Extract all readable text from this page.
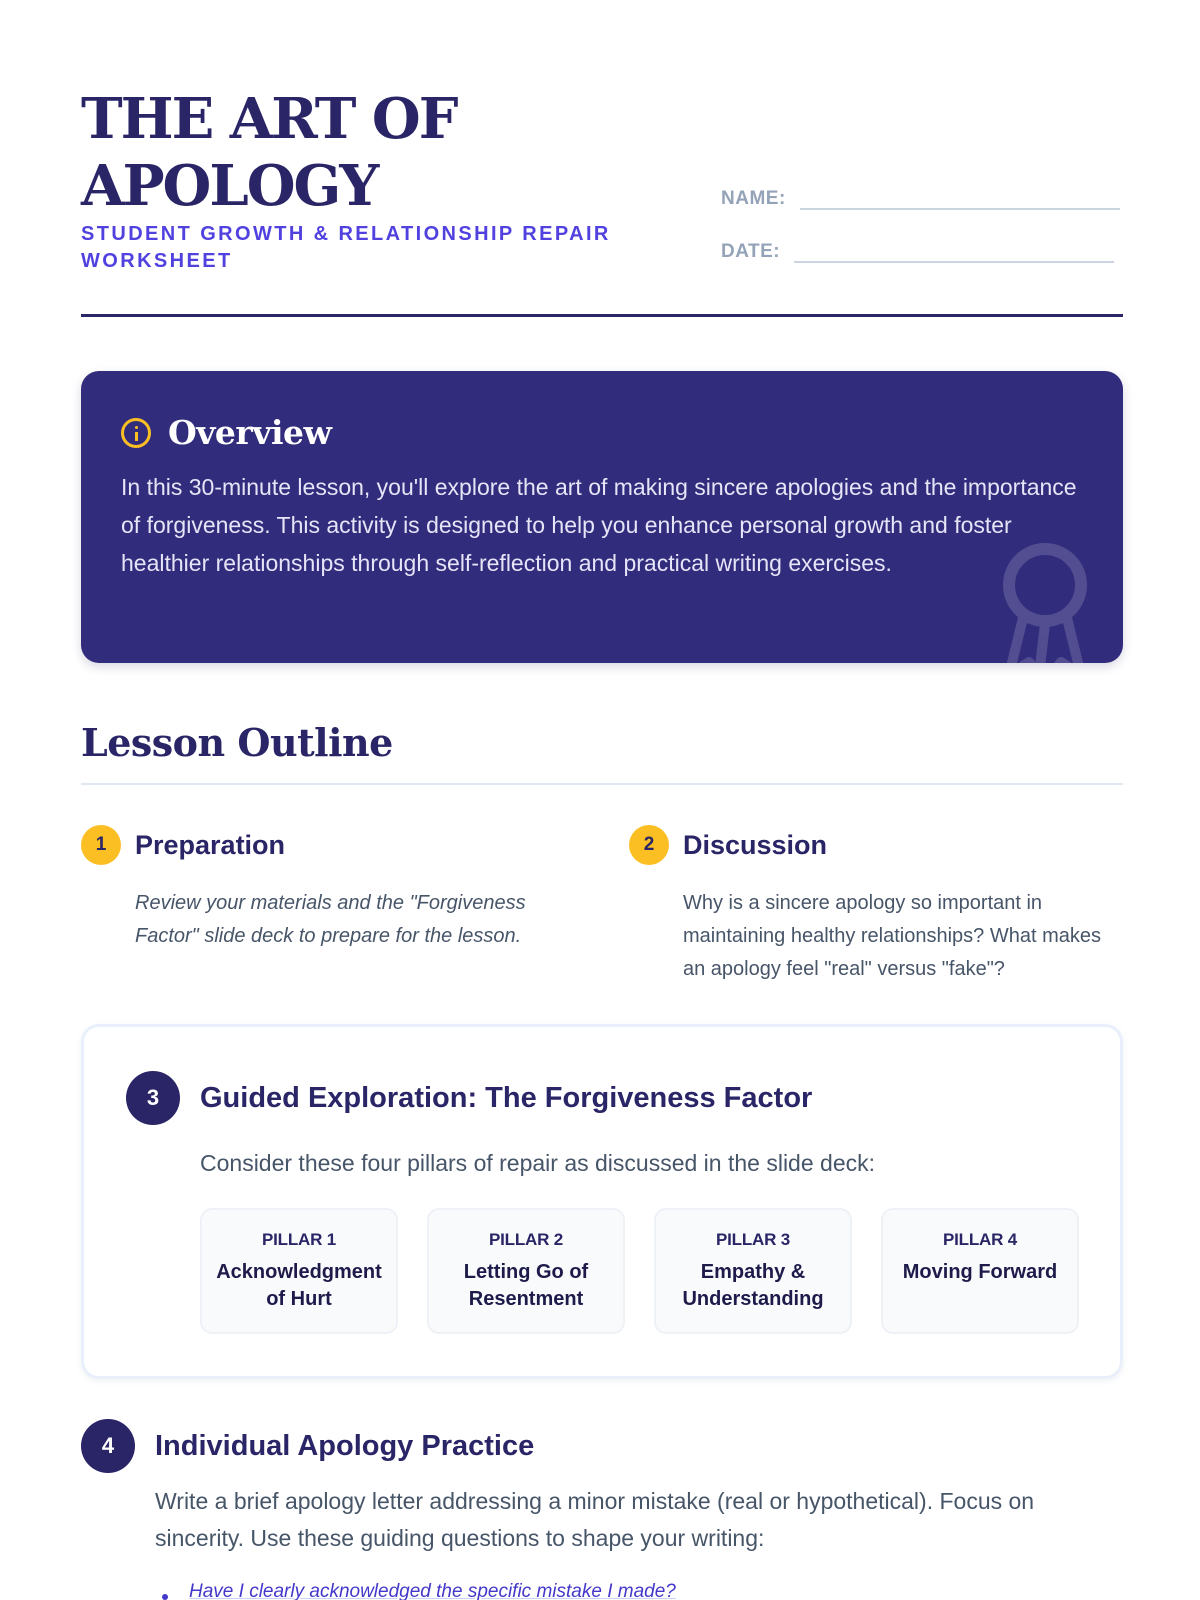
THE ART OF APOLOGY
STUDENT GROWTH & RELATIONSHIP REPAIR WORKSHEET
NAME:
DATE:
Overview

In this 30-minute lesson, you'll explore the art of making sincere apologies and the importance of forgiveness. This activity is designed to help you enhance personal growth and foster healthier relationships through self-reflection and practical writing exercises.

Lesson Outline
1	Preparation

Review your materials and the "Forgiveness Factor" slide deck to prepare for the lesson.

2	Discussion

Why is a sincere apology so important in maintaining healthy relationships? What makes an apology feel "real" versus "fake"?

3	Guided Exploration: The Forgiveness Factor

Consider these four pillars of repair as discussed in the slide deck:

PILLAR 1
Acknowledgment of Hurt
PILLAR 2
Letting Go of Resentment
PILLAR 3
Empathy & Understanding
PILLAR 4
Moving Forward
4	Individual Apology Practice

Write a brief apology letter addressing a minor mistake (real or hypothetical). Focus on sincerity. Use these guiding questions to shape your writing:

Have I clearly acknowledged the specific mistake I made?
